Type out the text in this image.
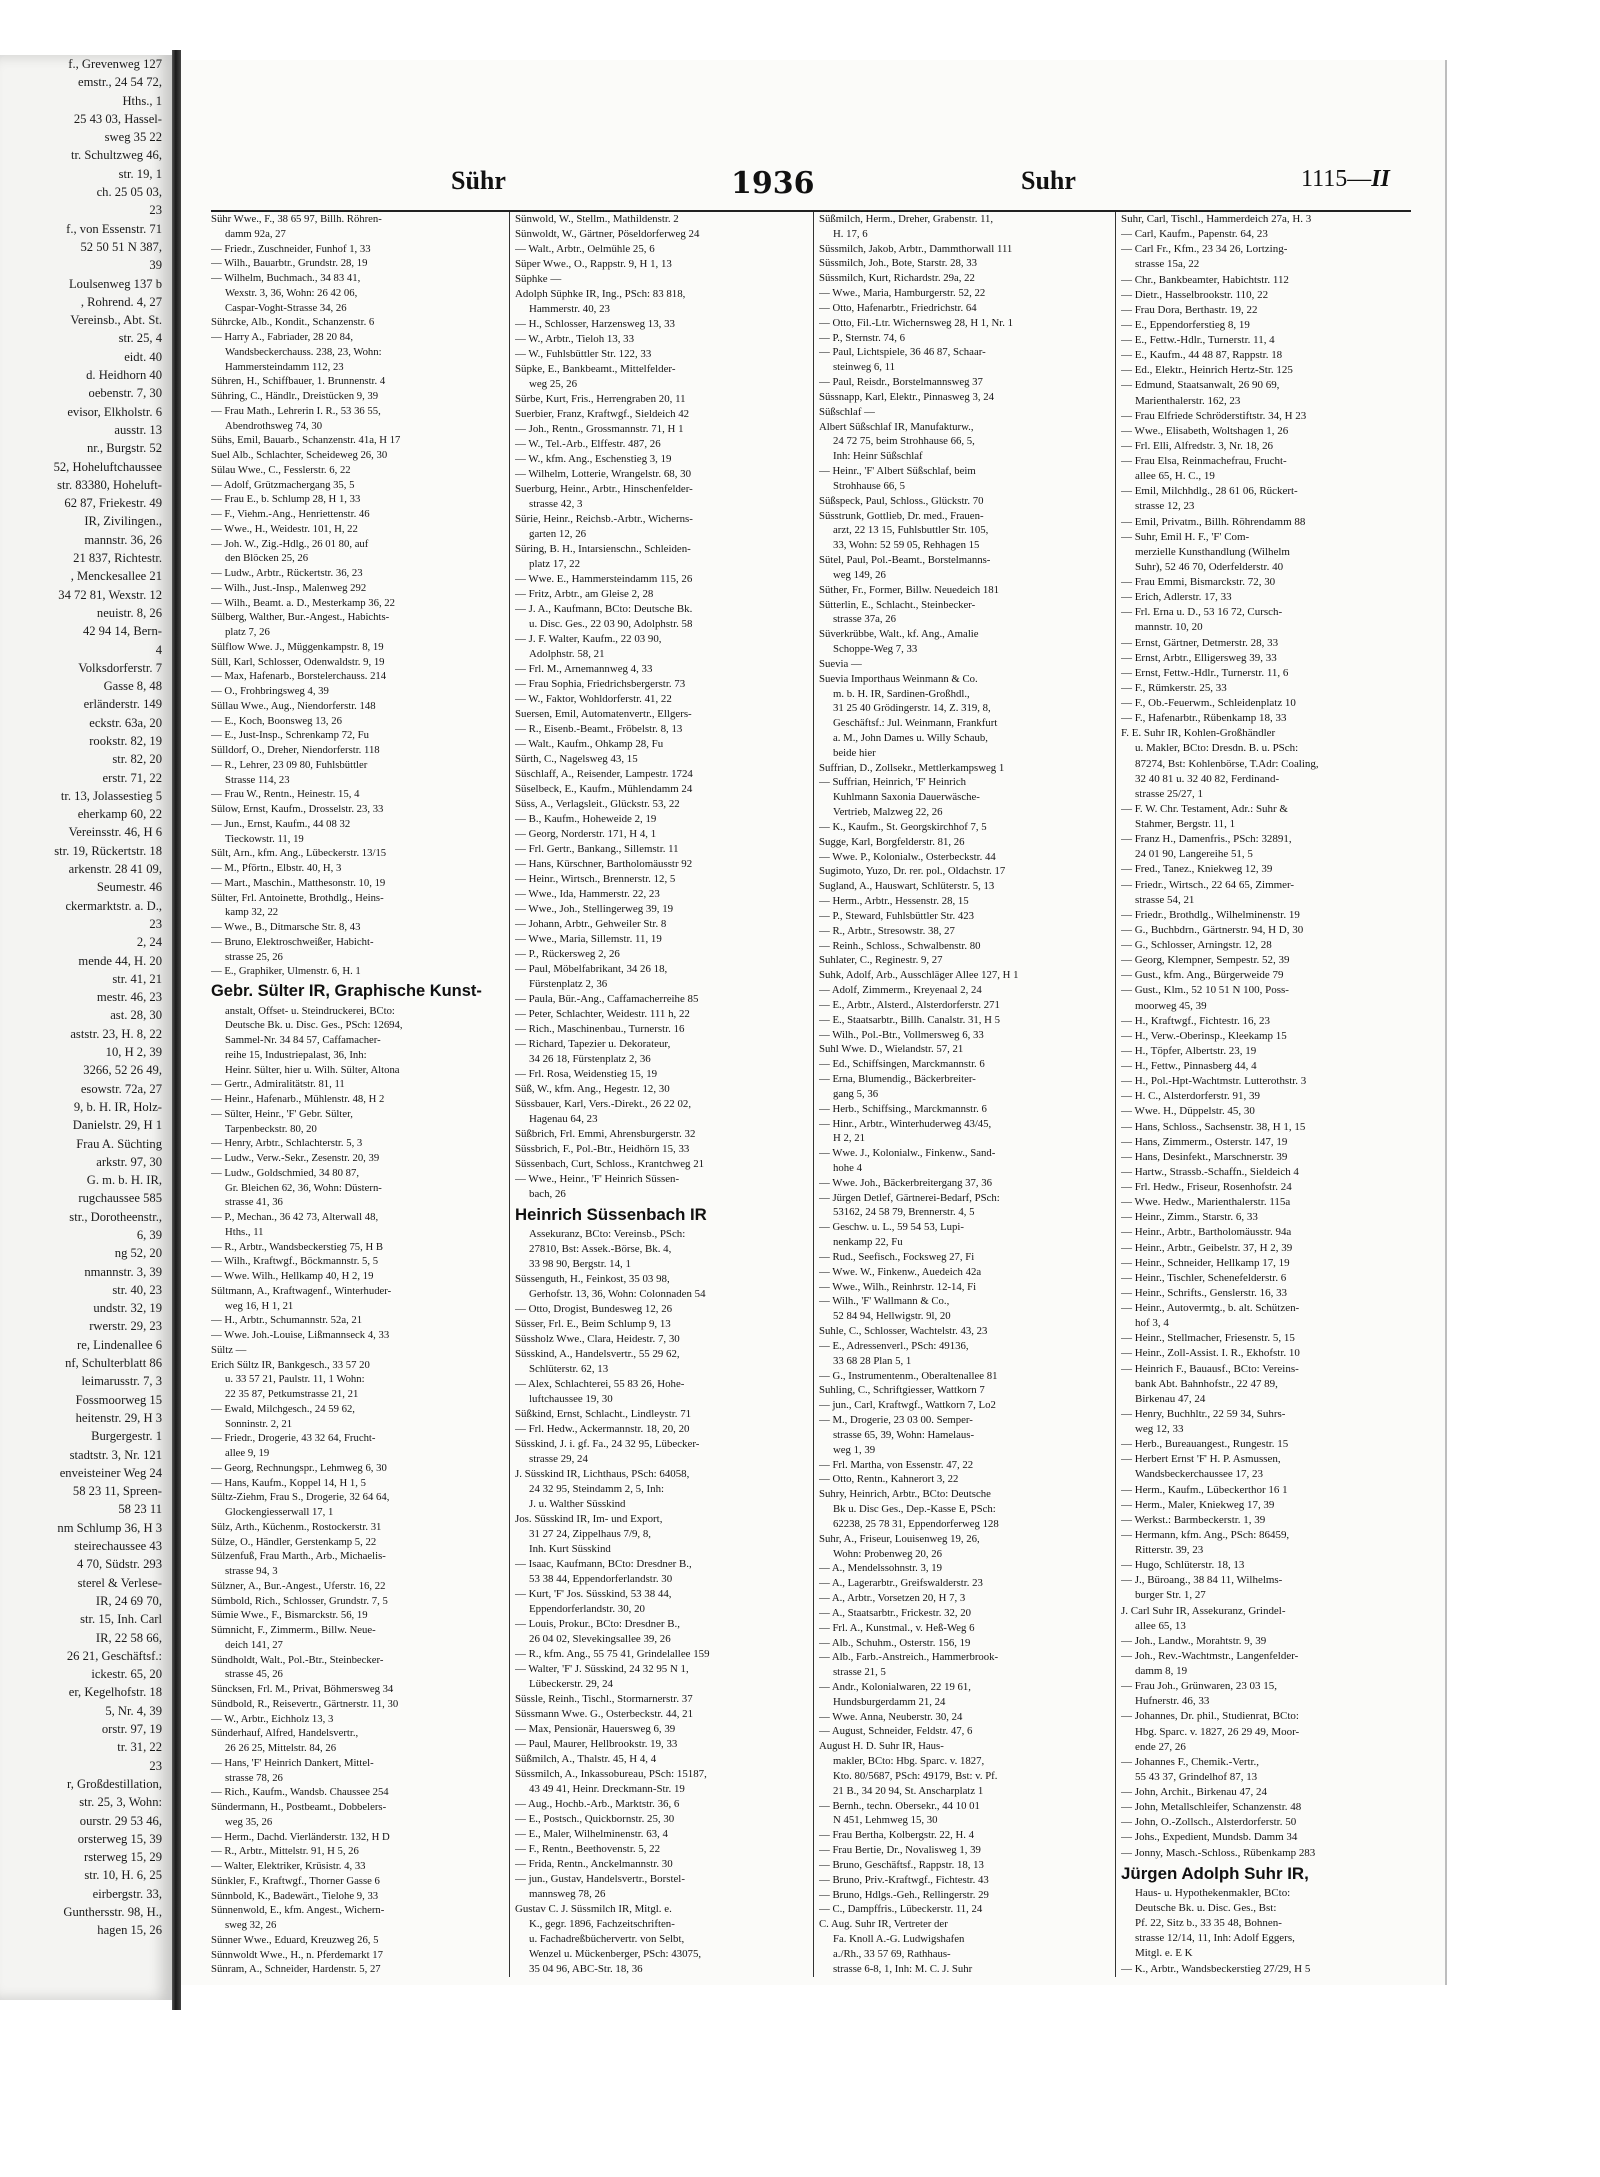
f., Grevenweg 127
emstr., 24 54 72,
Hths., 1
25 43 03, Hassel-
sweg 35 22
tr. Schultzweg 46,
str. 19, 1
ch. 25 05 03,
23
f., von Essenstr. 71
52 50 51 N 387,
39
Loulsenweg 137 b
, Rohrend. 4, 27
Vereinsb., Abt. St.
str. 25, 4
eidt. 40
d. Heidhorn 40
oebenstr. 7, 30
evisor, Elkholstr. 6
ausstr. 13
nr., Burgstr. 52
52, Hoheluftchaussee
str. 83380, Hoheluft-
62 87, Friekestr. 49
IR, Zivilingen.,
mannstr. 36, 26
21 837, Richtestr.
, Menckesallee 21
34 72 81, Wexstr. 12
neuistr. 8, 26
42 94 14, Bern-
4
Volksdorferstr. 7
Gasse 8, 48
erländerstr. 149
eckstr. 63a, 20
rookstr. 82, 19
str. 82, 20
erstr. 71, 22
tr. 13, Jolassestieg 5
eherkamp 60, 22
Vereinsstr. 46, H 6
str. 19, Rückertstr. 18
arkenstr. 28 41 09,
Seumestr. 46
ckermarktstr. a. D.,
23
2, 24
mende 44, H. 20
str. 41, 21
mestr. 46, 23
ast. 28, 30
aststr. 23, H. 8, 22
10, H 2, 39
3266, 52 26 49,
esowstr. 72a, 27
9, b. H. IR, Holz-
Danielstr. 29, H 1
Frau A. Süchting
arkstr. 97, 30
G. m. b. H. IR,
rugchaussee 585
str., Dorotheenstr.,
6, 39
ng 52, 20
nmannstr. 3, 39
str. 40, 23
undstr. 32, 19
rwerstr. 29, 23
re, Lindenallee 6
nf, Schulterblatt 86
leimarusstr. 7, 3
Fossmoorweg 15
heitenstr. 29, H 3
Burgergestr. 1
stadtstr. 3, Nr. 121
enveisteiner Weg 24
58 23 11, Spreen-
58 23 11
nm Schlump 36, H 3
steirechaussee 43
4 70, Südstr. 293
sterel & Verlese-
IR, 24 69 70,
str. 15, Inh. Carl
IR, 22 58 66,
26 21, Geschäftsf.:
ickestr. 65, 20
er, Kegelhofstr. 18
5, Nr. 4, 39
orstr. 97, 19
tr. 31, 22
23
r, Großdestillation,
str. 25, 3, Wohn:
ourstr. 29 53 46,
orsterweg 15, 39
rsterweg 15, 29
str. 10, H. 6, 25
eirbergstr. 33,
Gunthersstr. 98, H.,
hagen 15, 26
Sühr	1936	Suhr	1115—II
Sühr Wwe., F., 38 65 97, Billh. Röhren-
damm 92a, 27
— Friedr., Zuschneider, Funhof 1, 33
— Wilh., Bauarbtr., Grundstr. 28, 19
— Wilhelm, Buchmach., 34 83 41,
Wexstr. 3, 36, Wohn: 26 42 06,
Caspar-Voght-Strasse 34, 26
Sührcke, Alb., Kondit., Schanzenstr. 6
— Harry A., Fabriader, 28 20 84,
Wandsbeckerchauss. 238, 23, Wohn:
Hammersteindamm 112, 23
Sühren, H., Schiffbauer, 1. Brunnenstr. 4
Sühring, C., Händlr., Dreistücken 9, 39
— Frau Math., Lehrerin I. R., 53 36 55,
Abendrothsweg 74, 30
Sühs, Emil, Bauarb., Schanzenstr. 41a, H 17
Suel Alb., Schlachter, Scheideweg 26, 30
Sülau Wwe., C., Fesslerstr. 6, 22
— Adolf, Grützmachergang 35, 5
— Frau E., b. Schlump 28, H 1, 33
— F., Viehm.-Ang., Henriettenstr. 46
— Wwe., H., Weidestr. 101, H, 22
— Joh. W., Zig.-Hdlg., 26 01 80, auf
den Blöcken 25, 26
— Ludw., Arbtr., Rückertstr. 36, 23
— Wilh., Just.-Insp., Malenweg 292
— Wilh., Beamt. a. D., Mesterkamp 36, 22
Sülberg, Walther, Bur.-Angest., Habichts-
platz 7, 26
Sülflow Wwe. J., Müggenkampstr. 8, 19
Süll, Karl, Schlosser, Odenwaldstr. 9, 19
— Max, Hafenarb., Borstelerchauss. 214
— O., Frohbringsweg 4, 39
Süllau Wwe., Aug., Niendorferstr. 148
— E., Koch, Boonsweg 13, 26
— E., Just-Insp., Schrenkamp 72, Fu
Sülldorf, O., Dreher, Niendorferstr. 118
— R., Lehrer, 23 09 80, Fuhlsbüttler
Strasse 114, 23
— Frau W., Rentn., Heinestr. 15, 4
Sülow, Ernst, Kaufm., Drosselstr. 23, 33
— Jun., Ernst, Kaufm., 44 08 32
Tieckowstr. 11, 19
Sült, Arn., kfm. Ang., Lübeckerstr. 13/15
— M., Pförtn., Elbstr. 40, H, 3
— Mart., Maschin., Matthesonstr. 10, 19
Sülter, Frl. Antoinette, Brothdlg., Heins-
kamp 32, 22
— Wwe., B., Ditmarsche Str. 8, 43
— Bruno, Elektroschweißer, Habicht-
strasse 25, 26
— E., Graphiker, Ulmenstr. 6, H. 1
Gebr. Sülter IR, Graphische Kunst-
anstalt, Offset- u. Steindruckerei, BCto:
Deutsche Bk. u. Disc. Ges., PSch: 12694,
Sammel-Nr. 34 84 57, Caffamacher-
reihe 15, Industriepalast, 36, Inh:
Heinr. Sülter, hier u. Wilh. Sülter, Altona
— Gertr., Admiralitätstr. 81, 11
— Heinr., Hafenarb., Mühlenstr. 48, H 2
— Sülter, Heinr., 'F' Gebr. Sülter,
Tarpenbeckstr. 80, 20
— Henry, Arbtr., Schlachterstr. 5, 3
— Ludw., Verw.-Sekr., Zesenstr. 20, 39
— Ludw., Goldschmied, 34 80 87,
Gr. Bleichen 62, 36, Wohn: Düstern-
strasse 41, 36
— P., Mechan., 36 42 73, Alterwall 48,
Hths., 11
— R., Arbtr., Wandsbeckerstieg 75, H B
— Wilh., Kraftwgf., Böckmannstr. 5, 5
— Wwe. Wilh., Hellkamp 40, H 2, 19
Sültmann, A., Kraftwagenf., Winterhuder-
weg 16, H 1, 21
— H., Arbtr., Schumannstr. 52a, 21
— Wwe. Joh.-Louise, Lißmannseck 4, 33
Sültz —
Erich Sültz IR, Bankgesch., 33 57 20
u. 33 57 21, Paulstr. 11, 1 Wohn:
22 35 87, Petkumstrasse 21, 21
— Ewald, Milchgesch., 24 59 62,
Sonninstr. 2, 21
— Friedr., Drogerie, 43 32 64, Frucht-
allee 9, 19
— Georg, Rechnungspr., Lehmweg 6, 30
— Hans, Kaufm., Koppel 14, H 1, 5
Sültz-Ziehm, Frau S., Drogerie, 32 64 64,
Glockengiesserwall 17, 1
Sülz, Arth., Küchenm., Rostockerstr. 31
Sülze, O., Händler, Gerstenkamp 5, 22
Sülzenfuß, Frau Marth., Arb., Michaelis-
strasse 94, 3
Sülzner, A., Bur.-Angest., Uferstr. 16, 22
Sümbold, Rich., Schlosser, Grundstr. 7, 5
Sümie Wwe., F., Bismarckstr. 56, 19
Sümnicht, F., Zimmerm., Billw. Neue-
deich 141, 27
Sündholdt, Walt., Pol.-Btr., Steinbecker-
strasse 45, 26
Süncksen, Frl. M., Privat, Böhmersweg 34
Sündbold, R., Reisevertr., Gärtnerstr. 11, 30
— W., Arbtr., Eichholz 13, 3
Sünderhauf, Alfred, Handelsvertr.,
26 26 25, Mittelstr. 84, 26
— Hans, 'F' Heinrich Dankert, Mittel-
strasse 78, 26
— Rich., Kaufm., Wandsb. Chaussee 254
Sündermann, H., Postbeamt., Dobbelers-
weg 35, 26
— Herm., Dachd. Vierländerstr. 132, H D
— R., Arbtr., Mittelstr. 91, H 5, 26
— Walter, Elektriker, Krüsistr. 4, 33
Sünkler, F., Kraftwgf., Thorner Gasse 6
Sünnbold, K., Badewärt., Tielohe 9, 33
Sünnenwold, E., kfm. Angest., Wichern-
sweg 32, 26
Sünner Wwe., Eduard, Kreuzweg 26, 5
Sünnwoldt Wwe., H., n. Pferdemarkt 17
Sünram, A., Schneider, Hardenstr. 5, 27
Sünwold, W., Stellm., Mathildenstr. 2
Sünwoldt, W., Gärtner, Pöseldorferweg 24
— Walt., Arbtr., Oelmühle 25, 6
Süper Wwe., O., Rappstr. 9, H 1, 13
Süphke —
Adolph Süphke IR, Ing., PSch: 83 818,
Hammerstr. 40, 23
— H., Schlosser, Harzensweg 13, 33
— W., Arbtr., Tieloh 13, 33
— W., Fuhlsbüttler Str. 122, 33
Süpke, E., Bankbeamt., Mittelfelder-
weg 25, 26
Sürbe, Kurt, Fris., Herrengraben 20, 11
Suerbier, Franz, Kraftwgf., Sieldeich 42
— Joh., Rentn., Grossmannstr. 71, H 1
— W., Tel.-Arb., Elffestr. 487, 26
— W., kfm. Ang., Eschenstieg 3, 19
— Wilhelm, Lotterie, Wrangelstr. 68, 30
Suerburg, Heinr., Arbtr., Hinschenfelder-
strasse 42, 3
Sürie, Heinr., Reichsb.-Arbtr., Wicherns-
garten 12, 26
Süring, B. H., Intarsienschn., Schleiden-
platz 17, 22
— Wwe. E., Hammersteindamm 115, 26
— Fritz, Arbtr., am Gleise 2, 28
— J. A., Kaufmann, BCto: Deutsche Bk.
u. Disc. Ges., 22 03 90, Adolphstr. 58
— J. F. Walter, Kaufm., 22 03 90,
Adolphstr. 58, 21
— Frl. M., Arnemannweg 4, 33
— Frau Sophia, Friedrichsbergerstr. 73
— W., Faktor, Wohldorferstr. 41, 22
Suersen, Emil, Automatenvertr., Ellgers-
— R., Eisenb.-Beamt., Fröbelstr. 8, 13
— Walt., Kaufm., Ohkamp 28, Fu
Sürth, C., Nagelsweg 43, 15
Süschlaff, A., Reisender, Lampestr. 1724
Süselbeck, E., Kaufm., Mühlendamm 24
Süss, A., Verlagsleit., Glückstr. 53, 22
— B., Kaufm., Hoheweide 2, 19
— Georg, Norderstr. 171, H 4, 1
— Frl. Gertr., Bankang., Sillemstr. 11
— Hans, Kürschner, Bartholomäusstr 92
— Heinr., Wirtsch., Brennerstr. 12, 5
— Wwe., Ida, Hammerstr. 22, 23
— Wwe., Joh., Stellingerweg 39, 19
— Johann, Arbtr., Gehweiler Str. 8
— Wwe., Maria, Sillemstr. 11, 19
— P., Rückersweg 2, 26
— Paul, Möbelfabrikant, 34 26 18,
Fürstenplatz 2, 36
— Paula, Bür.-Ang., Caffamacherreihe 85
— Peter, Schlachter, Weidestr. 111 h, 22
— Rich., Maschinenbau., Turnerstr. 16
— Richard, Tapezier u. Dekorateur,
34 26 18, Fürstenplatz 2, 36
— Frl. Rosa, Weidenstieg 15, 19
Süß, W., kfm. Ang., Hegestr. 12, 30
Süssbauer, Karl, Vers.-Direkt., 26 22 02,
Hagenau 64, 23
Süßbrich, Frl. Emmi, Ahrensburgerstr. 32
Süssbrich, F., Pol.-Btr., Heidhörn 15, 33
Süssenbach, Curt, Schloss., Krantchweg 21
— Wwe., Heinr., 'F' Heinrich Süssen-
bach, 26
Heinrich Süssenbach IR
Assekuranz, BCto: Vereinsb., PSch:
27810, Bst: Assek.-Börse, Bk. 4,
33 98 90, Bergstr. 14, 1
Süssenguth, H., Feinkost, 35 03 98,
Gerhofstr. 13, 36, Wohn: Colonnaden 54
— Otto, Drogist, Bundesweg 12, 26
Süsser, Frl. E., Beim Schlump 9, 13
Süssholz Wwe., Clara, Heidestr. 7, 30
Süsskind, A., Handelsvertr., 55 29 62,
Schlüterstr. 62, 13
— Alex, Schlachterei, 55 83 26, Hohe-
luftchaussee 19, 30
Süßkind, Ernst, Schlacht., Lindleystr. 71
— Frl. Hedw., Ackermannstr. 18, 20, 20
Süsskind, J. i. gf. Fa., 24 32 95, Lübecker-
strasse 29, 24
J. Süsskind IR, Lichthaus, PSch: 64058,
24 32 95, Steindamm 2, 5, Inh:
J. u. Walther Süsskind
Jos. Süsskind IR, Im- und Export,
31 27 24, Zippelhaus 7/9, 8,
Inh. Kurt Süsskind
— Isaac, Kaufmann, BCto: Dresdner B.,
53 38 44, Eppendorferlandstr. 30
— Kurt, 'F' Jos. Süsskind, 53 38 44,
Eppendorferlandstr. 30, 20
— Louis, Prokur., BCto: Dresdner B.,
26 04 02, Slevekingsallee 39, 26
— R., kfm. Ang., 55 75 41, Grindelallee 159
— Walter, 'F' J. Süsskind, 24 32 95 N 1,
Lübeckerstr. 29, 24
Süssle, Reinh., Tischl., Stormarnerstr. 37
Süssmann Wwe. G., Osterbeckstr. 44, 21
— Max, Pensionär, Hauersweg 6, 39
— Paul, Maurer, Hellbrookstr. 19, 33
Süßmilch, A., Thalstr. 45, H 4, 4
Süssmilch, A., Inkassobureau, PSch: 15187,
43 49 41, Heinr. Dreckmann-Str. 19
— Aug., Hochb.-Arb., Marktstr. 36, 6
— E., Postsch., Quickbornstr. 25, 30
— E., Maler, Wilhelminenstr. 63, 4
— F., Rentn., Beethovenstr. 5, 22
— Frida, Rentn., Anckelmannstr. 30
— jun., Gustav, Handelsvertr., Borstel-
mannsweg 78, 26
Gustav C. J. Süssmilch IR, Mitgl. e.
K., gegr. 1896, Fachzeitschriften-
u. Fachadreßbüchervertr. von Selbt,
Wenzel u. Mückenberger, PSch: 43075,
35 04 96, ABC-Str. 18, 36
Süßmilch, Herm., Dreher, Grabenstr. 11,
H. 17, 6
Süssmilch, Jakob, Arbtr., Dammthorwall 111
Süssmilch, Joh., Bote, Starstr. 28, 33
Süssmilch, Kurt, Richardstr. 29a, 22
— Wwe., Maria, Hamburgerstr. 52, 22
— Otto, Hafenarbtr., Friedrichstr. 64
— Otto, Fil.-Ltr. Wichernsweg 28, H 1, Nr. 1
— P., Sternstr. 74, 6
— Paul, Lichtspiele, 36 46 87, Schaar-
steinweg 6, 11
— Paul, Reisdr., Borstelmannsweg 37
Süssnapp, Karl, Elektr., Pinnasweg 3, 24
Süßschlaf —
Albert Süßschlaf IR, Manufakturw.,
24 72 75, beim Strohhause 66, 5,
Inh: Heinr Süßschlaf
— Heinr., 'F' Albert Süßschlaf, beim
Strohhause 66, 5
Süßspeck, Paul, Schloss., Glückstr. 70
Süsstrunk, Gottlieb, Dr. med., Frauen-
arzt, 22 13 15, Fuhlsbuttler Str. 105,
33, Wohn: 52 59 05, Rehhagen 15
Sütel, Paul, Pol.-Beamt., Borstelmanns-
weg 149, 26
Süther, Fr., Former, Billw. Neuedeich 181
Sütterlin, E., Schlacht., Steinbecker-
strasse 37a, 26
Süverkrübbe, Walt., kf. Ang., Amalie
Schoppe-Weg 7, 33
Suevia —
Suevia Importhaus Weinmann & Co.
m. b. H. IR, Sardinen-Großhdl.,
31 25 40 Grödingerstr. 14, Z. 319, 8,
Geschäftsf.: Jul. Weinmann, Frankfurt
a. M., John Dames u. Willy Schaub,
beide hier
Suffrian, D., Zollsekr., Mettlerkampsweg 1
— Suffrian, Heinrich, 'F' Heinrich
Kuhlmann Saxonia Dauerwäsche-
Vertrieb, Malzweg 22, 26
— K., Kaufm., St. Georgskirchhof 7, 5
Sugge, Karl, Borgfelderstr. 81, 26
— Wwe. P., Kolonialw., Osterbeckstr. 44
Sugimoto, Yuzo, Dr. rer. pol., Oldachstr. 17
Sugland, A., Hauswart, Schlüterstr. 5, 13
— Herm., Arbtr., Hessenstr. 28, 15
— P., Steward, Fuhlsbüttler Str. 423
— R., Arbtr., Stresowstr. 38, 27
— Reinh., Schloss., Schwalbenstr. 80
Suhlater, C., Reginestr. 9, 27
Suhk, Adolf, Arb., Ausschläger Allee 127, H 1
— Adolf, Zimmerm., Kreyenaal 2, 24
— E., Arbtr., Alsterd., Alsterdorferstr. 271
— E., Staatsarbtr., Billh. Canalstr. 31, H 5
— Wilh., Pol.-Btr., Vollmersweg 6, 33
Suhl Wwe. D., Wielandstr. 57, 21
— Ed., Schiffsingen, Marckmannstr. 6
— Erna, Blumendig., Bäckerbreiter-
gang 5, 36
— Herb., Schiffsing., Marckmannstr. 6
— Hinr., Arbtr., Winterhuderweg 43/45,
H 2, 21
— Wwe. J., Kolonialw., Finkenw., Sand-
hohe 4
— Wwe. Joh., Bäckerbreitergang 37, 36
— Jürgen Detlef, Gärtnerei-Bedarf, PSch:
53162, 24 58 79, Brennerstr. 4, 5
— Geschw. u. L., 59 54 53, Lupi-
nenkamp 22, Fu
— Rud., Seefisch., Focksweg 27, Fi
— Wwe. W., Finkenw., Auedeich 42a
— Wwe., Wilh., Reinhrstr. 12-14, Fi
— Wilh., 'F' Wallmann & Co.,
52 84 94, Hellwigstr. 9l, 20
Suhle, C., Schlosser, Wachtelstr. 43, 23
— E., Adressenverl., PSch: 49136,
33 68 28 Plan 5, 1
— G., Instrumentenm., Oberaltenallee 81
Suhling, C., Schriftgiesser, Wattkorn 7
— jun., Carl, Kraftwgf., Wattkorn 7, Lo2
— M., Drogerie, 23 03 00. Semper-
strasse 65, 39, Wohn: Hamelaus-
weg 1, 39
— Frl. Martha, von Essenstr. 47, 22
— Otto, Rentn., Kahnerort 3, 22
Suhry, Heinrich, Arbtr., BCto: Deutsche
Bk u. Disc Ges., Dep.-Kasse E, PSch:
62238, 25 78 31, Eppendorferweg 128
Suhr, A., Friseur, Louisenweg 19, 26,
Wohn: Probenweg 20, 26
— A., Mendelssohnstr. 3, 19
— A., Lagerarbtr., Greifswalderstr. 23
— A., Arbtr., Vorsetzen 20, H 7, 3
— A., Staatsarbtr., Frickestr. 32, 20
— Frl. A., Kunstmal., v. Heß-Weg 6
— Alb., Schuhm., Osterstr. 156, 19
— Alb., Farb.-Anstreich., Hammerbrook-
strasse 21, 5
— Andr., Kolonialwaren, 22 19 61,
Hundsburgerdamm 21, 24
— Wwe. Anna, Neuberstr. 30, 24
— August, Schneider, Feldstr. 47, 6
August H. D. Suhr IR, Haus-
makler, BCto: Hbg. Sparc. v. 1827,
Kto. 80/5687, PSch: 49179, Bst: v. Pf.
21 B., 34 20 94, St. Anscharplatz 1
— Bernh., techn. Obersekr., 44 10 01
N 451, Lehmweg 15, 30
— Frau Bertha, Kolbergstr. 22, H. 4
— Frau Bertie, Dr., Novalisweg 1, 39
— Bruno, Geschäftsf., Rappstr. 18, 13
— Bruno, Priv.-Kraftwgf., Fichtestr. 43
— Bruno, Hdlgs.-Geh., Rellingerstr. 29
— C., Dampffris., Lübeckerstr. 11, 24
C. Aug. Suhr IR, Vertreter der
Fa. Knoll A.-G. Ludwigshafen
a./Rh., 33 57 69, Rathhaus-
strasse 6-8, 1, Inh: M. C. J. Suhr
Suhr, Carl, Tischl., Hammerdeich 27a, H. 3
— Carl, Kaufm., Papenstr. 64, 23
— Carl Fr., Kfm., 23 34 26, Lortzing-
strasse 15a, 22
— Chr., Bankbeamter, Habichtstr. 112
— Dietr., Hasselbrookstr. 110, 22
— Frau Dora, Berthastr. 19, 22
— E., Eppendorferstieg 8, 19
— E., Fettw.-Hdlr., Turnerstr. 11, 4
— E., Kaufm., 44 48 87, Rappstr. 18
— Ed., Elektr., Heinrich Hertz-Str. 125
— Edmund, Staatsanwalt, 26 90 69,
Marienthalerstr. 162, 23
— Frau Elfriede Schröderstiftstr. 34, H 23
— Wwe., Elisabeth, Woltshagen 1, 26
— Frl. Elli, Alfredstr. 3, Nr. 18, 26
— Frau Elsa, Reinmachefrau, Frucht-
allee 65, H. C., 19
— Emil, Milchhdlg., 28 61 06, Rückert-
strasse 12, 23
— Emil, Privatm., Billh. Röhrendamm 88
— Suhr, Emil H. F., 'F' Com-
merzielle Kunsthandlung (Wilhelm
Suhr), 52 46 70, Oderfelderstr. 40
— Frau Emmi, Bismarckstr. 72, 30
— Erich, Adlerstr. 17, 33
— Frl. Erna u. D., 53 16 72, Cursch-
mannstr. 10, 20
— Ernst, Gärtner, Detmerstr. 28, 33
— Ernst, Arbtr., Elligersweg 39, 33
— Ernst, Fettw.-Hdlr., Turnerstr. 11, 6
— F., Rümkerstr. 25, 33
— F., Ob.-Feuerwm., Schleidenplatz 10
— F., Hafenarbtr., Rübenkamp 18, 33
F. E. Suhr IR, Kohlen-Großhändler
u. Makler, BCto: Dresdn. B. u. PSch:
87274, Bst: Kohlenbörse, T.Adr: Coaling,
32 40 81 u. 32 40 82, Ferdinand-
strasse 25/27, 1
— F. W. Chr. Testament, Adr.: Suhr &
Stahmer, Bergstr. 11, 1
— Franz H., Damenfris., PSch: 32891,
24 01 90, Langereihe 51, 5
— Fred., Tanez., Kniekweg 12, 39
— Friedr., Wirtsch., 22 64 65, Zimmer-
strasse 54, 21
— Friedr., Brothdlg., Wilhelminenstr. 19
— G., Buchbdrn., Gärtnerstr. 94, H D, 30
— G., Schlosser, Arningstr. 12, 28
— Georg, Klempner, Sempestr. 52, 39
— Gust., kfm. Ang., Bürgerweide 79
— Gust., Klm., 52 10 51 N 100, Poss-
moorweg 45, 39
— H., Kraftwgf., Fichtestr. 16, 23
— H., Verw.-Oberinsp., Kleekamp 15
— H., Töpfer, Albertstr. 23, 19
— H., Fettw., Pinnasberg 44, 4
— H., Pol.-Hpt-Wachtmstr. Lutterothstr. 3
— H. C., Alsterdorferstr. 91, 39
— Wwe. H., Düppelstr. 45, 30
— Hans, Schloss., Sachsenstr. 38, H 1, 15
— Hans, Zimmerm., Osterstr. 147, 19
— Hans, Desinfekt., Marschnerstr. 39
— Hartw., Strassb.-Schaffn., Sieldeich 4
— Frl. Hedw., Friseur, Rosenhofstr. 24
— Wwe. Hedw., Marienthalerstr. 115a
— Heinr., Zimm., Starstr. 6, 33
— Heinr., Arbtr., Bartholomäusstr. 94a
— Heinr., Arbtr., Geibelstr. 37, H 2, 39
— Heinr., Schneider, Hellkamp 17, 19
— Heinr., Tischler, Schenefelderstr. 6
— Heinr., Schrifts., Genslerstr. 16, 33
— Heinr., Autovermtg., b. alt. Schützen-
hof 3, 4
— Heinr., Stellmacher, Friesenstr. 5, 15
— Heinr., Zoll-Assist. I. R., Ekhofstr. 10
— Heinrich F., Bauausf., BCto: Vereins-
bank Abt. Bahnhofstr., 22 47 89,
Birkenau 47, 24
— Henry, Buchhltr., 22 59 34, Suhrs-
weg 12, 33
— Herb., Bureauangest., Rungestr. 15
— Herbert Ernst 'F' H. P. Asmussen,
Wandsbeckerchaussee 17, 23
— Herm., Kaufm., Lübeckerthor 16 1
— Herm., Maler, Kniekweg 17, 39
— Werkst.: Barmbeckerstr. 1, 39
— Hermann, kfm. Ang., PSch: 86459,
Ritterstr. 39, 23
— Hugo, Schlüterstr. 18, 13
— J., Büroang., 38 84 11, Wilhelms-
burger Str. 1, 27
J. Carl Suhr IR, Assekuranz, Grindel-
allee 65, 13
— Joh., Landw., Morahtstr. 9, 39
— Joh., Rev.-Wachtmstr., Langenfelder-
damm 8, 19
— Frau Joh., Grünwaren, 23 03 15,
Hufnerstr. 46, 33
— Johannes, Dr. phil., Studienrat, BCto:
Hbg. Sparc. v. 1827, 26 29 49, Moor-
ende 27, 26
— Johannes F., Chemik.-Vertr.,
55 43 37, Grindelhof 87, 13
— John, Archit., Birkenau 47, 24
— John, Metallschleifer, Schanzenstr. 48
— John, O.-Zollsch., Alsterdorferstr. 50
— Johs., Expedient, Mundsb. Damm 34
— Jonny, Masch.-Schloss., Rübenkamp 283
Jürgen Adolph Suhr IR,
Haus- u. Hypothekenmakler, BCto:
Deutsche Bk. u. Disc. Ges., Bst:
Pf. 22, Sitz b., 33 35 48, Bohnen-
strasse 12/14, 11, Inh: Adolf Eggers,
Mitgl. e. E K
— K., Arbtr., Wandsbeckerstieg 27/29, H 5
